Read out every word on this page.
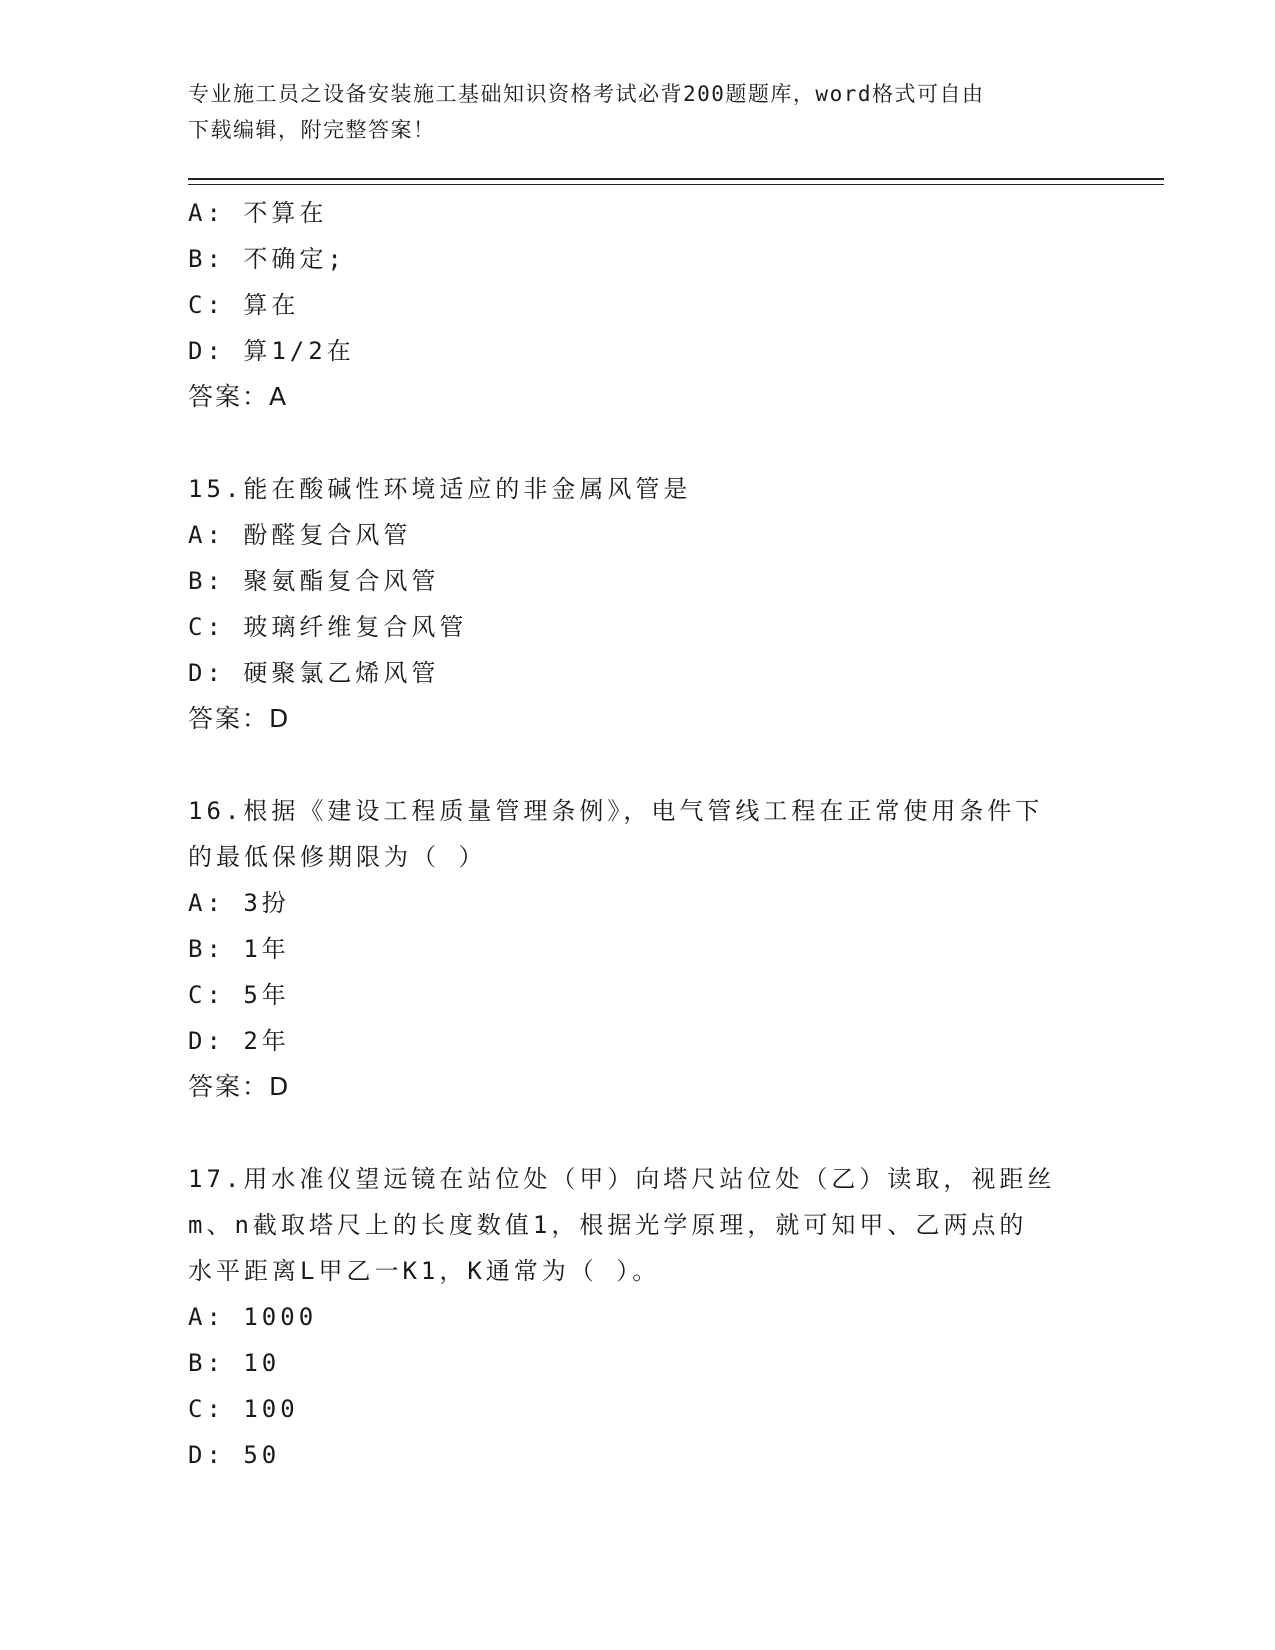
专业施工员之设备安装施工基础知识资格考试必背200题题库，word格式可自由
下载编辑，附完整答案！
A: 不算在
B: 不确定;
C: 算在
D: 算1/2在
答案：A
15.能在酸碱性环境适应的非金属风管是
A: 酚醛复合风管
B: 聚氨酯复合风管
C: 玻璃纤维复合风管
D: 硬聚氯乙烯风管
答案：D
16.根据《建设工程质量管理条例》，电气管线工程在正常使用条件下
的最低保修期限为（ ）
A: 3扮
B: 1年
C: 5年
D: 2年
答案：D
17.用水准仪望远镜在站位处（甲）向塔尺站位处（乙）读取，视距丝
m、n截取塔尺上的长度数值1，根据光学原理，就可知甲、乙两点的
水平距离L甲乙一K1，K通常为（ ）。
A: 1000
B: 10
C: 100
D: 50
